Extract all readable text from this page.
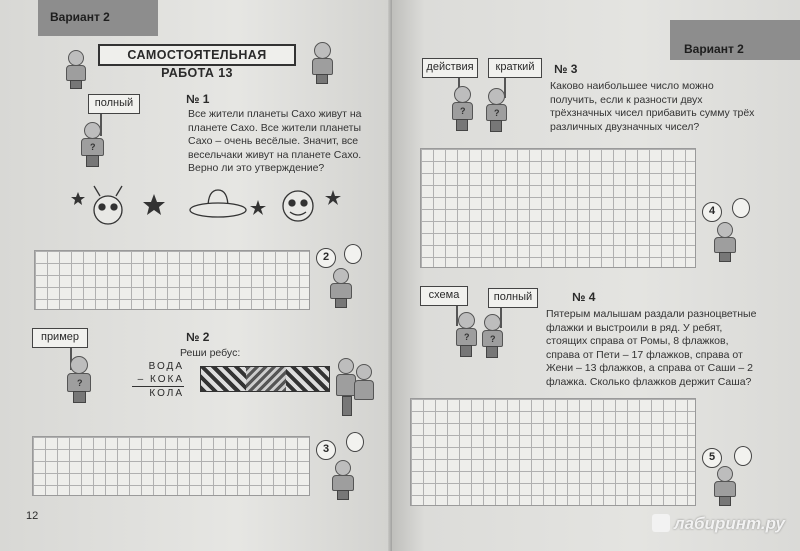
Вариант 2
САМОСТОЯТЕЛЬНАЯ РАБОТА 13
полный
?
№ 1
Все жители планеты Сахо живут на планете Сахо. Все жители планеты Сахо – очень весёлые. Значит, все весельчаки живут на планете Сахо. Верно ли это утверждение?
2
пример
?
№ 2
Реши ребус:
ВОДА
– КОКА
КОЛА
3
12
Вариант 2
действия	краткий
?	?
№ 3
Каково наибольшее число можно получить, если к разности двух трёхзначных чисел прибавить сумму трёх различных двузначных чисел?
4
схема	полный
? ?
№ 4
Пятерым малышам раздали разноцветные флажки и выстроили в ряд. У ребят, стоящих справа от Ромы, 8 флажков, справа от Пети – 17 флажков, справа от Жени – 13 флажков, а справа от Саши – 2 флажка. Сколько флажков держит Саша?
5
лабиринт.ру
